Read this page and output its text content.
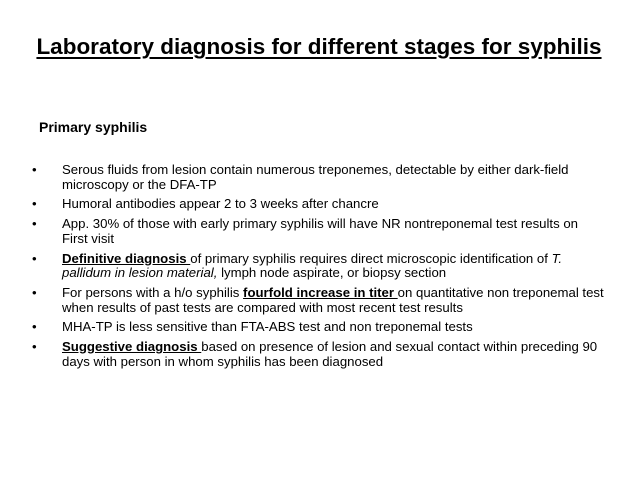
Laboratory diagnosis for different stages for syphilis
Primary syphilis
• Serous fluids from lesion contain numerous treponemes, detectable by either dark-field microscopy or the DFA-TP
• Humoral antibodies appear 2 to 3 weeks after chancre
• App. 30% of those with early primary syphilis will have NR nontreponemal test results on First visit
• Definitive diagnosis of primary syphilis requires direct microscopic identification of T. pallidum in lesion material, lymph node aspirate, or biopsy section
• For persons with a h/o syphilis fourfold increase in titer on quantitative non treponemal test when results of past tests are compared with most recent test results
• MHA-TP is less sensitive than FTA-ABS test and non treponemal tests
• Suggestive diagnosis based on presence of lesion and sexual contact within preceding 90 days with person in whom syphilis has been diagnosed
